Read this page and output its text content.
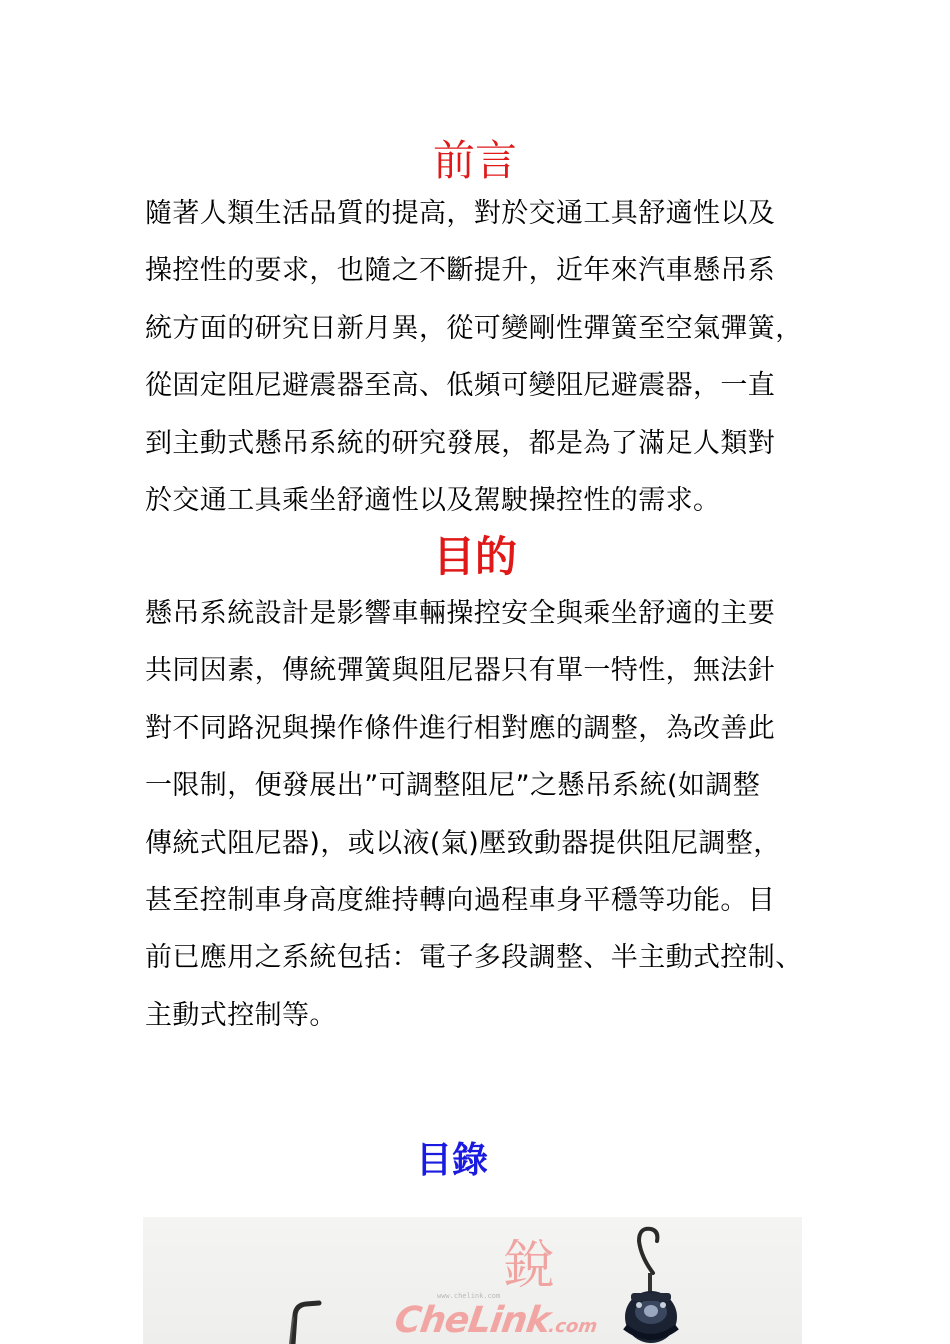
前言
隨著人類生活品質的提高，對於交通工具舒適性以及
操控性的要求，也隨之不斷提升，近年來汽車懸吊系
統方面的研究日新月異，從可變剛性彈簧至空氣彈簧，
從固定阻尼避震器至高、低頻可變阻尼避震器，一直
到主動式懸吊系統的研究發展，都是為了滿足人類對
於交通工具乘坐舒適性以及駕駛操控性的需求。
目的
懸吊系統設計是影響車輛操控安全與乘坐舒適的主要
共同因素，傳統彈簧與阻尼器只有單一特性，無法針
對不同路況與操作條件進行相對應的調整，為改善此
一限制，便發展出”可調整阻尼”之懸吊系統(如調整
傳統式阻尼器)，或以液(氣)壓致動器提供阻尼調整，
甚至控制車身高度維持轉向過程車身平穩等功能。目
前已應用之系統包括：電子多段調整、半主動式控制、
主動式控制等。
目錄
www.chelink.com 銳
CheLink.com
